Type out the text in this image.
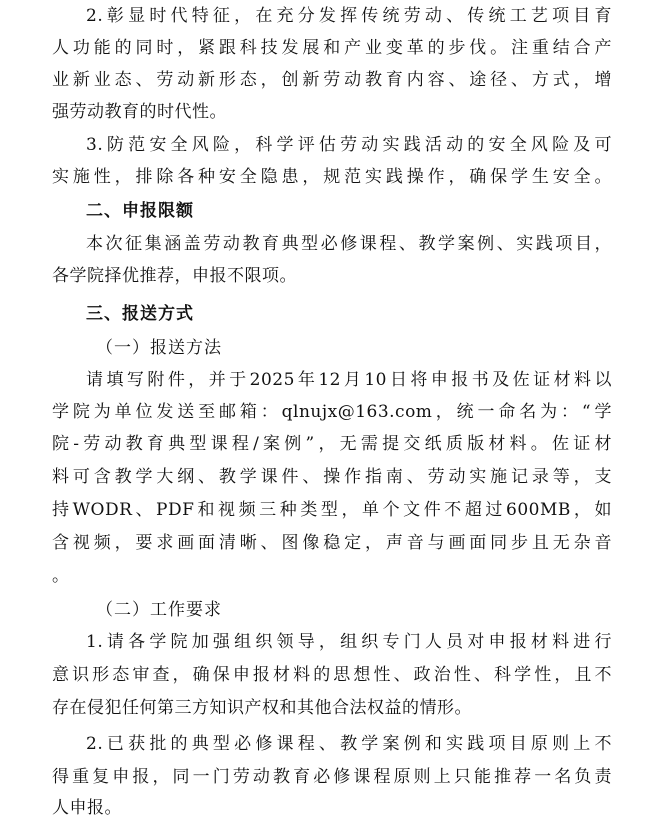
2.彰显时代特征，在充分发挥传统劳动、传统工艺项目育
人功能的同时，紧跟科技发展和产业变革的步伐。注重结合产
业新业态、劳动新形态，创新劳动教育内容、途径、方式，增
强劳动教育的时代性。
3.防范安全风险，科学评估劳动实践活动的安全风险及可
实施性，排除各种安全隐患，规范实践操作，确保学生安全。
二、申报限额
本次征集涵盖劳动教育典型必修课程、教学案例、实践项目，
各学院择优推荐，申报不限项。
三、报送方式
（一）报送方法
请填写附件，并于2025年12月10日将申报书及佐证材料以
学院为单位发送至邮箱：qlnujx@163.com，统一命名为：“学
院-劳动教育典型课程/案例”，无需提交纸质版材料。佐证材
料可含教学大纲、教学课件、操作指南、劳动实施记录等，支
持WODR、PDF和视频三种类型，单个文件不超过600MB，如
含视频，要求画面清晰、图像稳定，声音与画面同步且无杂音
。
（二）工作要求
1.请各学院加强组织领导，组织专门人员对申报材料进行
意识形态审查，确保申报材料的思想性、政治性、科学性，且不
存在侵犯任何第三方知识产权和其他合法权益的情形。
2.已获批的典型必修课程、教学案例和实践项目原则上不
得重复申报，同一门劳动教育必修课程原则上只能推荐一名负责
人申报。
